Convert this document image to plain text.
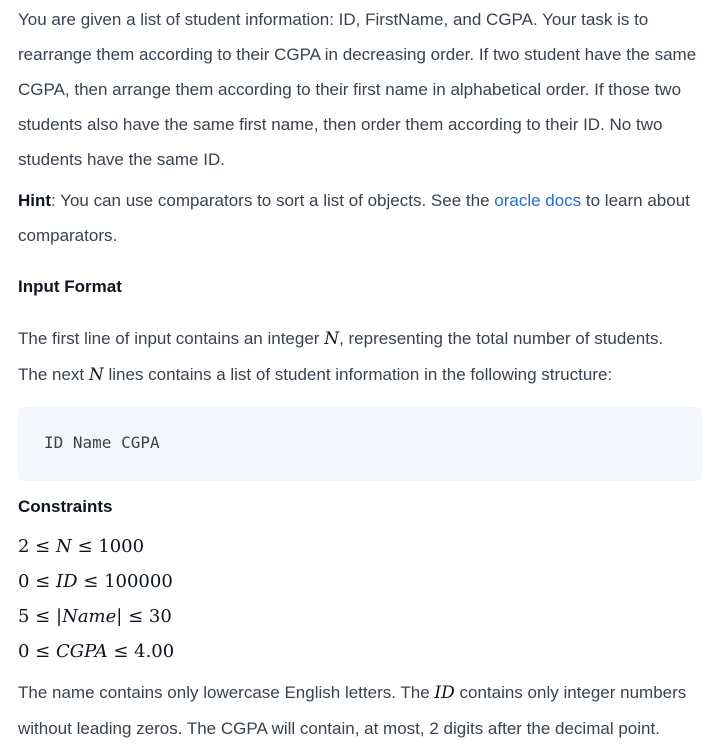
You are given a list of student information: ID, FirstName, and CGPA. Your task is to rearrange them according to their CGPA in decreasing order. If two student have the same CGPA, then arrange them according to their first name in alphabetical order. If those two students also have the same first name, then order them according to their ID. No two students have the same ID.

Hint: You can use comparators to sort a list of objects. See the oracle docs to learn about comparators.

Input Format

The first line of input contains an integer N, representing the total number of students.
The next N lines contains a list of student information in the following structure:

ID Name CGPA
Constraints
2 ≤ N ≤ 1000
0 ≤ ID ≤ 100000
5 ≤ |Name| ≤ 30
0 ≤ CGPA ≤ 4.00

The name contains only lowercase English letters. The ID contains only integer numbers without leading zeros. The CGPA will contain, at most, 2 digits after the decimal point.
